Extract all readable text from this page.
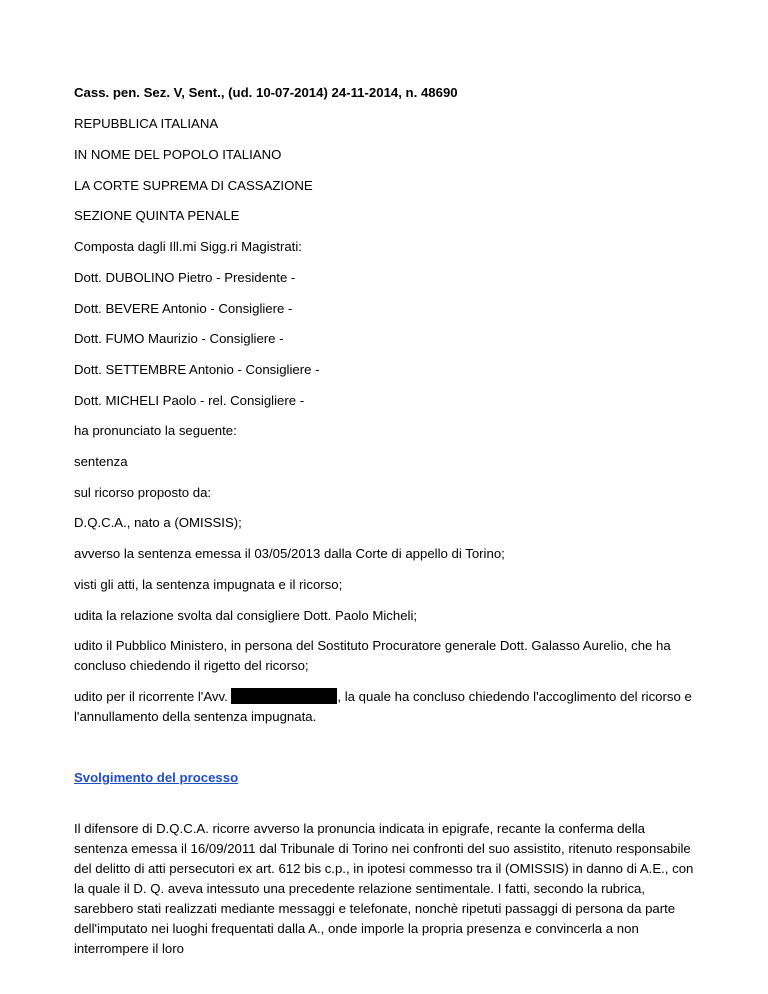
Cass. pen. Sez. V, Sent., (ud. 10-07-2014) 24-11-2014, n. 48690

REPUBBLICA ITALIANA

IN NOME DEL POPOLO ITALIANO

LA CORTE SUPREMA DI CASSAZIONE

SEZIONE QUINTA PENALE

Composta dagli Ill.mi Sigg.ri Magistrati:

Dott. DUBOLINO Pietro - Presidente -

Dott. BEVERE Antonio - Consigliere -

Dott. FUMO Maurizio - Consigliere -

Dott. SETTEMBRE Antonio - Consigliere -

Dott. MICHELI Paolo - rel. Consigliere -

ha pronunciato la seguente:

sentenza

sul ricorso proposto da:

D.Q.C.A., nato a (OMISSIS);

avverso la sentenza emessa il 03/05/2013 dalla Corte di appello di Torino;

visti gli atti, la sentenza impugnata e il ricorso;

udita la relazione svolta dal consigliere Dott. Paolo Micheli;

udito il Pubblico Ministero, in persona del Sostituto Procuratore generale Dott. Galasso Aurelio, che ha concluso chiedendo il rigetto del ricorso;

udito per il ricorrente l'Avv.	, la quale ha concluso chiedendo l'accoglimento del ricorso e l'annullamento della sentenza impugnata.

Svolgimento del processo

Il difensore di D.Q.C.A. ricorre avverso la pronuncia indicata in epigrafe, recante la conferma della sentenza emessa il 16/09/2011 dal Tribunale di Torino nei confronti del suo assistito, ritenuto responsabile del delitto di atti persecutori ex art. 612 bis c.p., in ipotesi commesso tra il (OMISSIS) in danno di A.E., con la quale il D. Q. aveva intessuto una precedente relazione sentimentale. I fatti, secondo la rubrica, sarebbero stati realizzati mediante messaggi e telefonate, nonchè ripetuti passaggi di persona da parte dell'imputato nei luoghi frequentati dalla A., onde imporle la propria presenza e convincerla a non interrompere il loro
